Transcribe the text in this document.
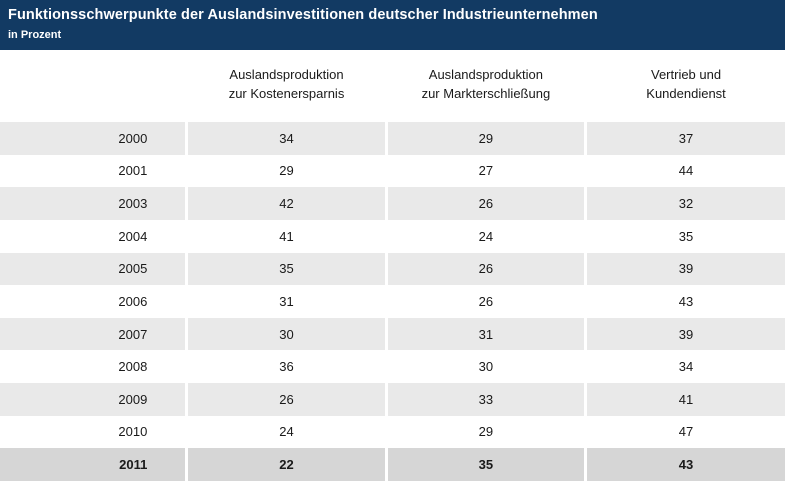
Funktionsschwerpunkte der Auslandsinvestitionen deutscher Industrieunternehmen
in Prozent

Auslandsproduktion
zur Kostenersparnis

Auslandsproduktion
zur Markterschließung

Vertrieb und
Kundendienst

2000	34	29	37
2001	29	27	44
2003	42	26	32
2004	41	24	35
2005	35	26	39
2006	31	26	43
2007	30	31	39
2008	36	30	34
2009	26	33	41
2010	24	29	47
2011	22	35	43
